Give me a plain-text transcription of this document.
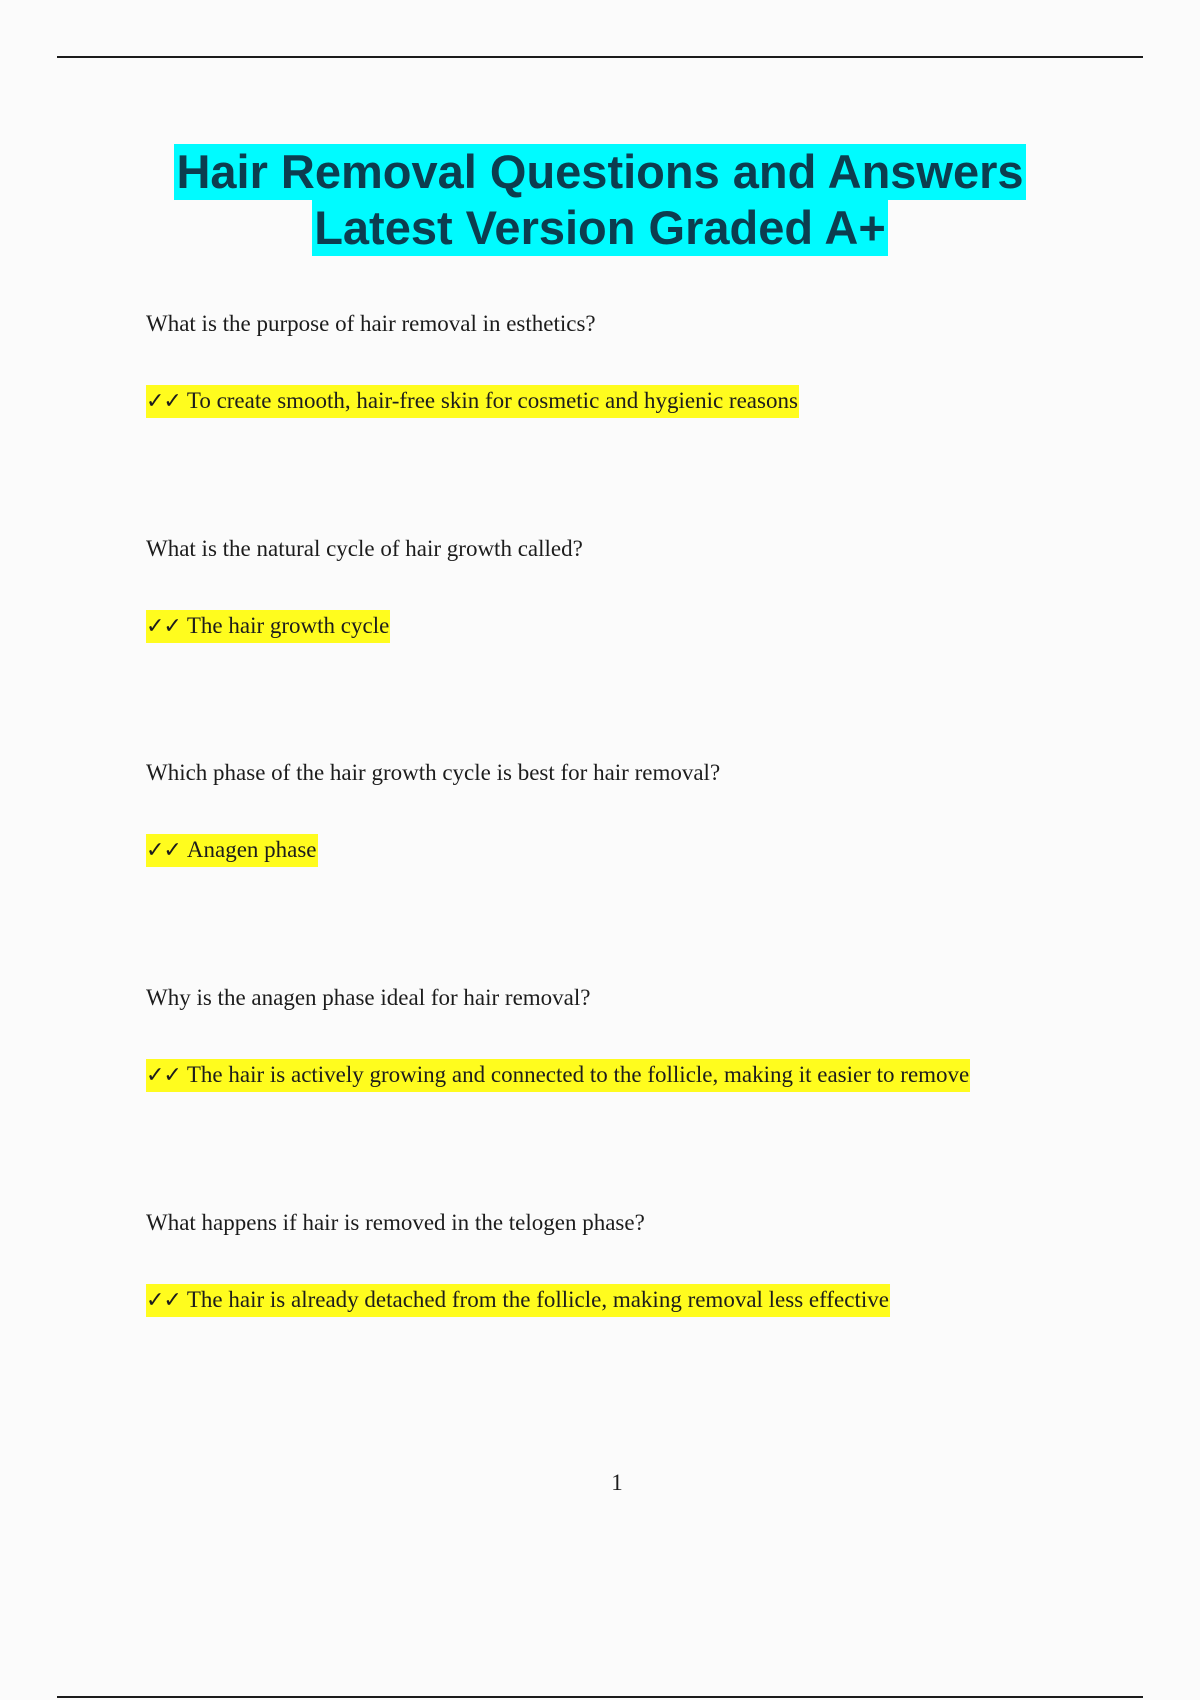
Hair Removal Questions and Answers
Latest Version Graded A+

What is the purpose of hair removal in esthetics?

✓✓ To create smooth, hair-free skin for cosmetic and hygienic reasons

What is the natural cycle of hair growth called?

✓✓ The hair growth cycle

Which phase of the hair growth cycle is best for hair removal?

✓✓ Anagen phase

Why is the anagen phase ideal for hair removal?

✓✓ The hair is actively growing and connected to the follicle, making it easier to remove

What happens if hair is removed in the telogen phase?

✓✓ The hair is already detached from the follicle, making removal less effective

1
